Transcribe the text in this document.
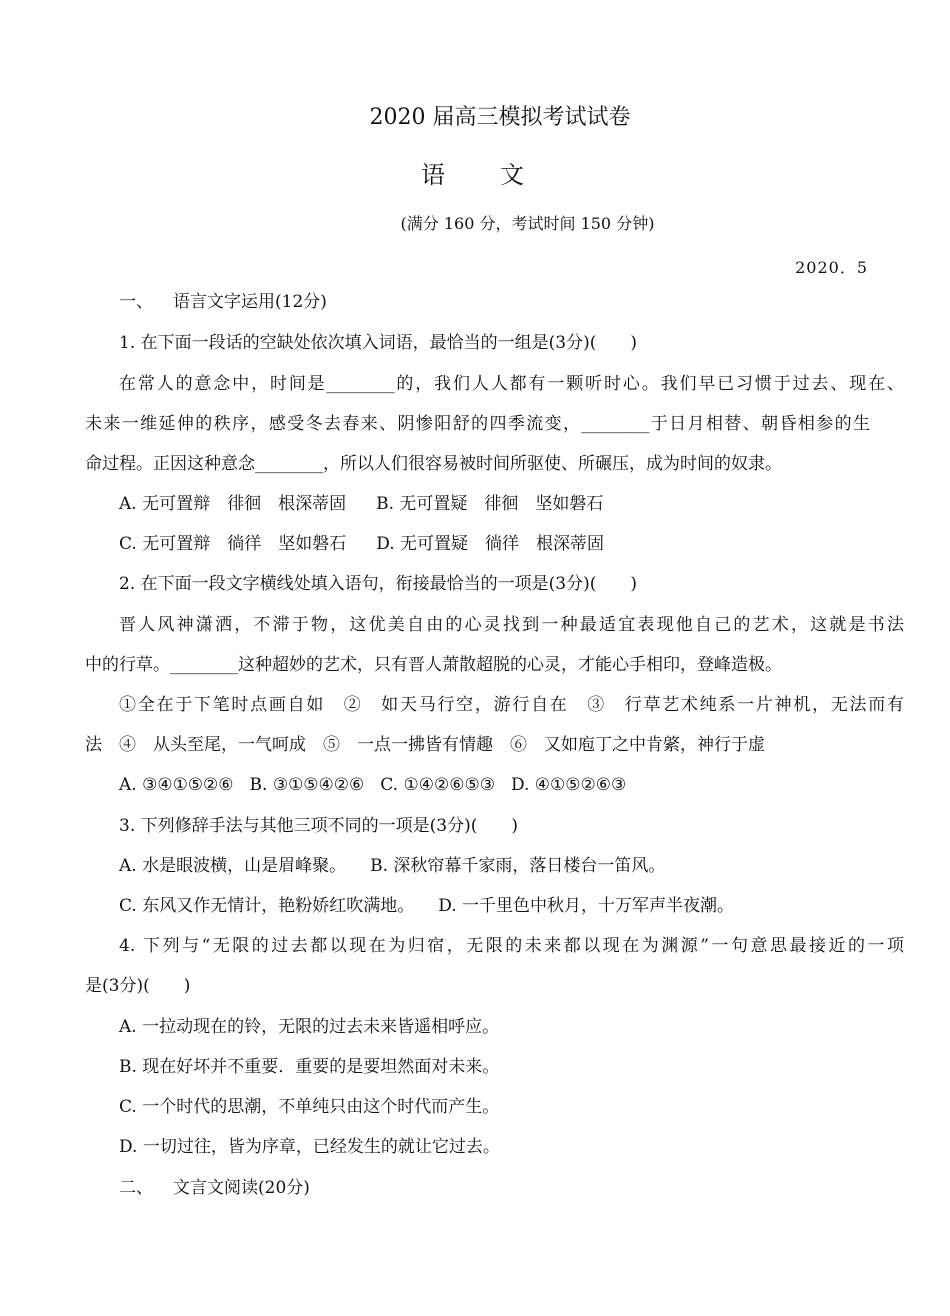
2020 届高三模拟考试试卷
语文
(满分 160 分，考试时间 150 分钟)
2020．5
一、 语言文字运用(12分)
1. 在下面一段话的空缺处依次填入词语，最恰当的一组是(3分)(　　)
在常人的意念中，时间是________的，我们人人都有一颗听时心。我们早已习惯于过去、现在、
未来一维延伸的秩序，感受冬去春来、阴惨阳舒的四季流变，________于日月相替、朝昏相参的生
命过程。正因这种意念________，所以人们很容易被时间所驱使、所碾压，成为时间的奴隶。
A. 无可置辩　徘徊　根深蒂固 B. 无可置疑　徘徊　坚如磐石
C. 无可置辩　徜徉　坚如磐石 D. 无可置疑　徜徉　根深蒂固
2. 在下面一段文字横线处填入语句，衔接最恰当的一项是(3分)(　　)
晋人风神潇洒，不滞于物，这优美自由的心灵找到一种最适宜表现他自己的艺术，这就是书法
中的行草。________这种超妙的艺术，只有晋人萧散超脱的心灵，才能心手相印，登峰造极。
①全在于下笔时点画自如　②　如天马行空，游行自在　③　行草艺术纯系一片神机，无法而有
法　④　从头至尾，一气呵成　⑤　一点一拂皆有情趣　⑥　又如庖丁之中肯綮，神行于虚
A. ③④①⑤②⑥ B. ③①⑤④②⑥ C. ①④②⑥⑤③ D. ④①⑤②⑥③
3. 下列修辞手法与其他三项不同的一项是(3分)(　　)
A. 水是眼波横，山是眉峰聚。 B. 深秋帘幕千家雨，落日楼台一笛风。
C. 东风又作无情计，艳粉娇红吹满地。 D. 一千里色中秋月，十万军声半夜潮。
4. 下列与“无限的过去都以现在为归宿，无限的未来都以现在为渊源”一句意思最接近的一项
是(3分)(　　)
A. 一拉动现在的铃，无限的过去未来皆遥相呼应。
B. 现在好坏并不重要．重要的是要坦然面对未来。
C. 一个时代的思潮，不单纯只由这个时代而产生。
D. 一切过往，皆为序章，已经发生的就让它过去。
二、 文言文阅读(20分)
